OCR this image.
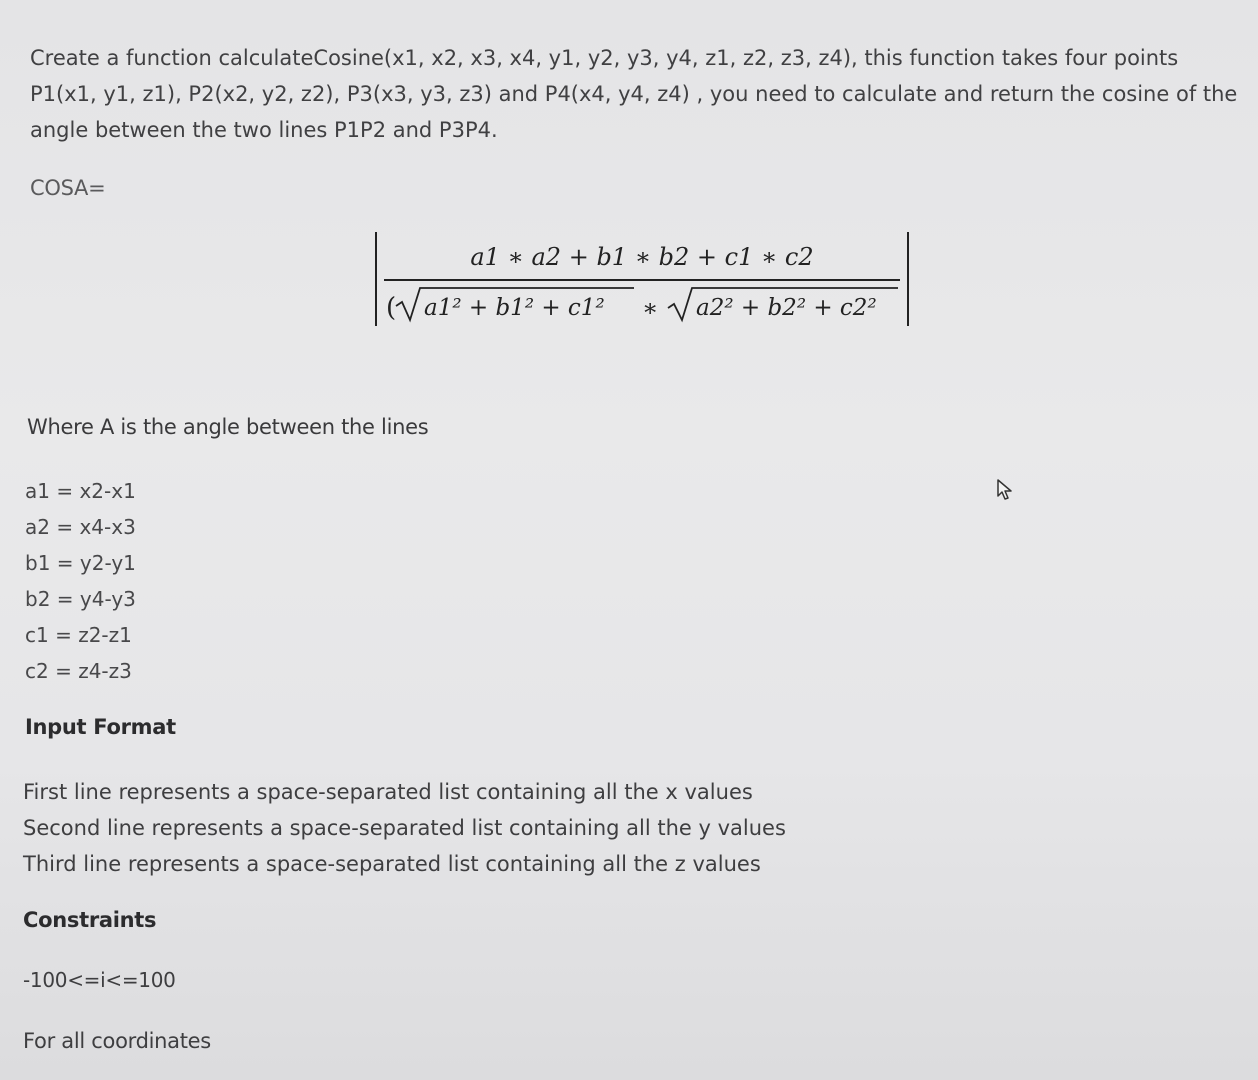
Create a function calculateCosine(x1, x2, x3, x4, y1, y2, y3, y4, z1, z2, z3, z4), this function takes four points
P1(x1, y1, z1), P2(x2, y2, z2), P3(x3, y3, z3) and P4(x4, y4, z4) , you need to calculate and return the cosine of the
angle between the two lines P1P2 and P3P4.
COSA=
a1 ∗ a2 + b1 ∗ b2 + c1 ∗ c2
( a1² + b1² + c1² ∗ a2² + b2² + c2²
Where A is the angle between the lines
a1 = x2-x1
a2 = x4-x3
b1 = y2-y1
b2 = y4-y3
c1 = z2-z1
c2 = z4-z3
Input Format
First line represents a space-separated list containing all the x values
Second line represents a space-separated list containing all the y values
Third line represents a space-separated list containing all the z values
Constraints
-100<=i<=100
For all coordinates
